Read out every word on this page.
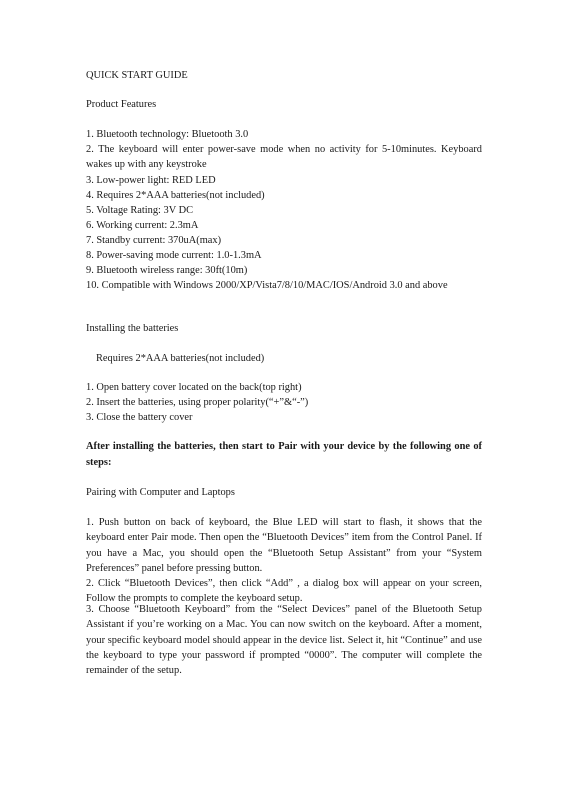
QUICK START GUIDE
Product Features
1. Bluetooth technology: Bluetooth 3.0
2. The keyboard will enter power-save mode when no activity for 5-10minutes. Keyboard wakes up with any keystroke
3. Low-power light: RED LED
4. Requires 2*AAA batteries(not included)
5. Voltage Rating: 3V DC
6. Working current: 2.3mA
7. Standby current: 370uA(max)
8. Power-saving mode current: 1.0-1.3mA
9. Bluetooth wireless range: 30ft(10m)
10. Compatible with Windows 2000/XP/Vista7/8/10/MAC/IOS/Android 3.0 and above
Installing the batteries
Requires 2*AAA batteries(not included)
1. Open battery cover located on the back(top right)
2. Insert the batteries, using proper polarity(“+”&“-”)
3. Close the battery cover
After installing the batteries, then start to Pair with your device by the following one of steps:
Pairing with Computer and Laptops
1. Push button on back of keyboard, the Blue LED will start to flash, it shows that the keyboard enter Pair mode. Then open the “Bluetooth Devices” item from the Control Panel. If you have a Mac, you should open the “Bluetooth Setup Assistant” from your “System Preferences” panel before pressing button.
2. Click “Bluetooth Devices”, then click “Add” , a dialog box will appear on your screen, Follow the prompts to complete the keyboard setup.
3. Choose “Bluetooth Keyboard” from the “Select Devices” panel of the Bluetooth Setup Assistant if you’re working on a Mac. You can now switch on the keyboard. After a moment, your specific keyboard model should appear in the device list. Select it, hit “Continue” and use the keyboard to type your password if prompted “0000”. The computer will complete the remainder of the setup.
